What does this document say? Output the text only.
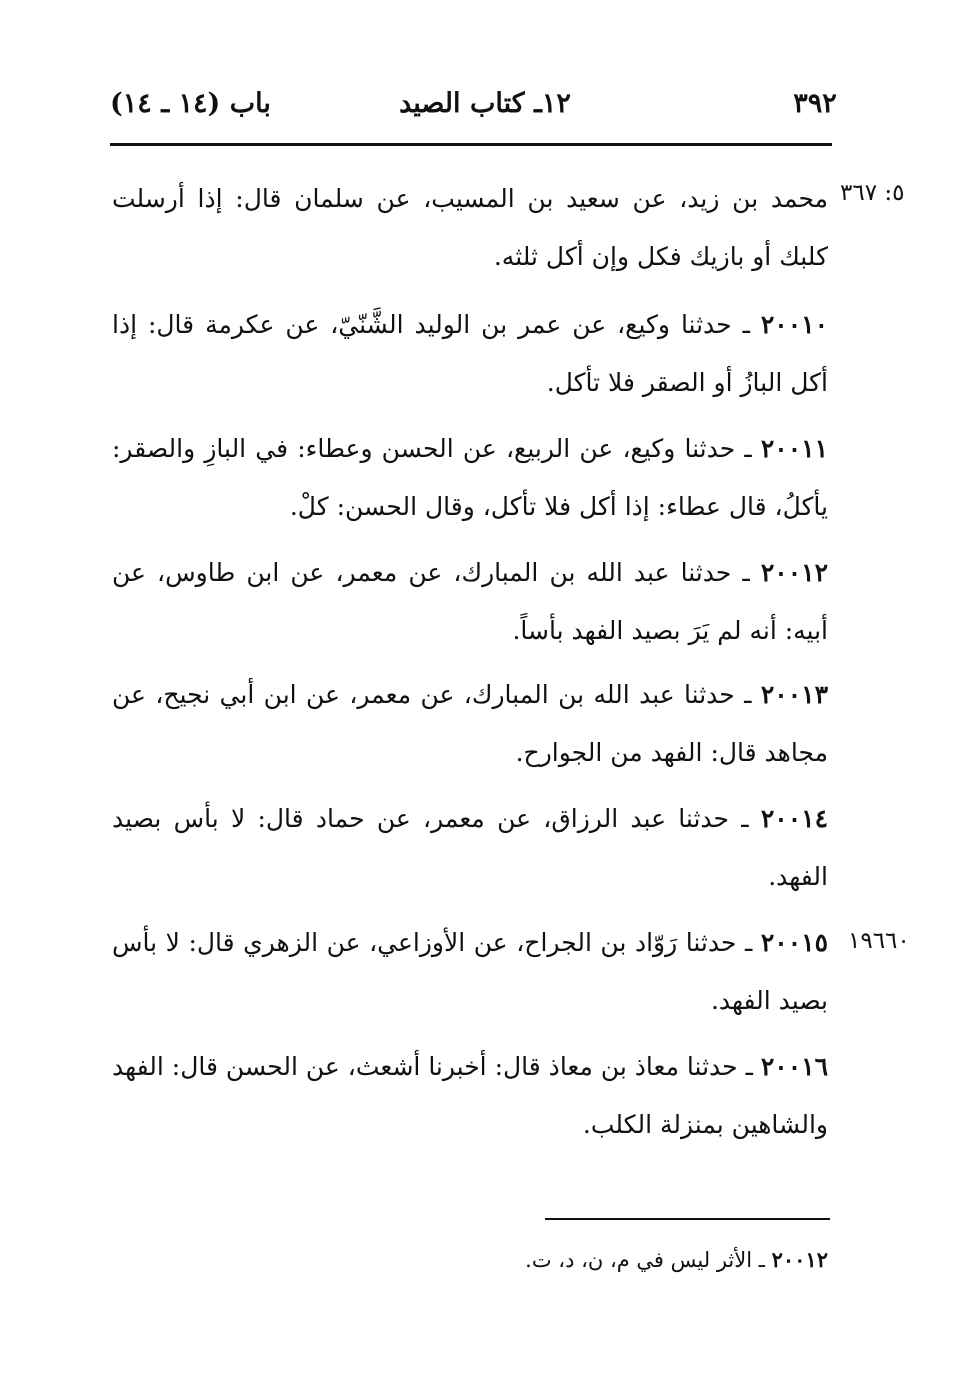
٣٩٢
١٢ـ كتاب الصيد
باب (١٤ ـ ١٤)
٥: ٣٦٧
١٩٦٦٠
محمد بن زيد، عن سعيد بن المسيب، عن سلمان قال: إذا أرسلت كلبك أو بازيك فكل وإن أكل ثلثه.
٢٠٠١٠ ـ حدثنا وكيع، عن عمر بن الوليد الشَّنّيّ، عن عكرمة قال: إذا أكل البازُ أو الصقر فلا تأكل.
٢٠٠١١ ـ حدثنا وكيع، عن الربيع، عن الحسن وعطاء: في البازِ والصقر: يأكلُ، قال عطاء: إذا أكل فلا تأكل، وقال الحسن: كلْ.
٢٠٠١٢ ـ حدثنا عبد الله بن المبارك، عن معمر، عن ابن طاوس، عن أبيه: أنه لم يَرَ بصيد الفهد بأساً.
٢٠٠١٣ ـ حدثنا عبد الله بن المبارك، عن معمر، عن ابن أبي نجيح، عن مجاهد قال: الفهد من الجوارح.
٢٠٠١٤ ـ حدثنا عبد الرزاق، عن معمر، عن حماد قال: لا بأس بصيد الفهد.
٢٠٠١٥ ـ حدثنا رَوّاد بن الجراح، عن الأوزاعي، عن الزهري قال: لا بأس بصيد الفهد.
٢٠٠١٦ ـ حدثنا معاذ بن معاذ قال: أخبرنا أشعث، عن الحسن قال: الفهد والشاهين بمنزلة الكلب.
٢٠٠١٢ ـ الأثر ليس في م، ن، د، ت.
